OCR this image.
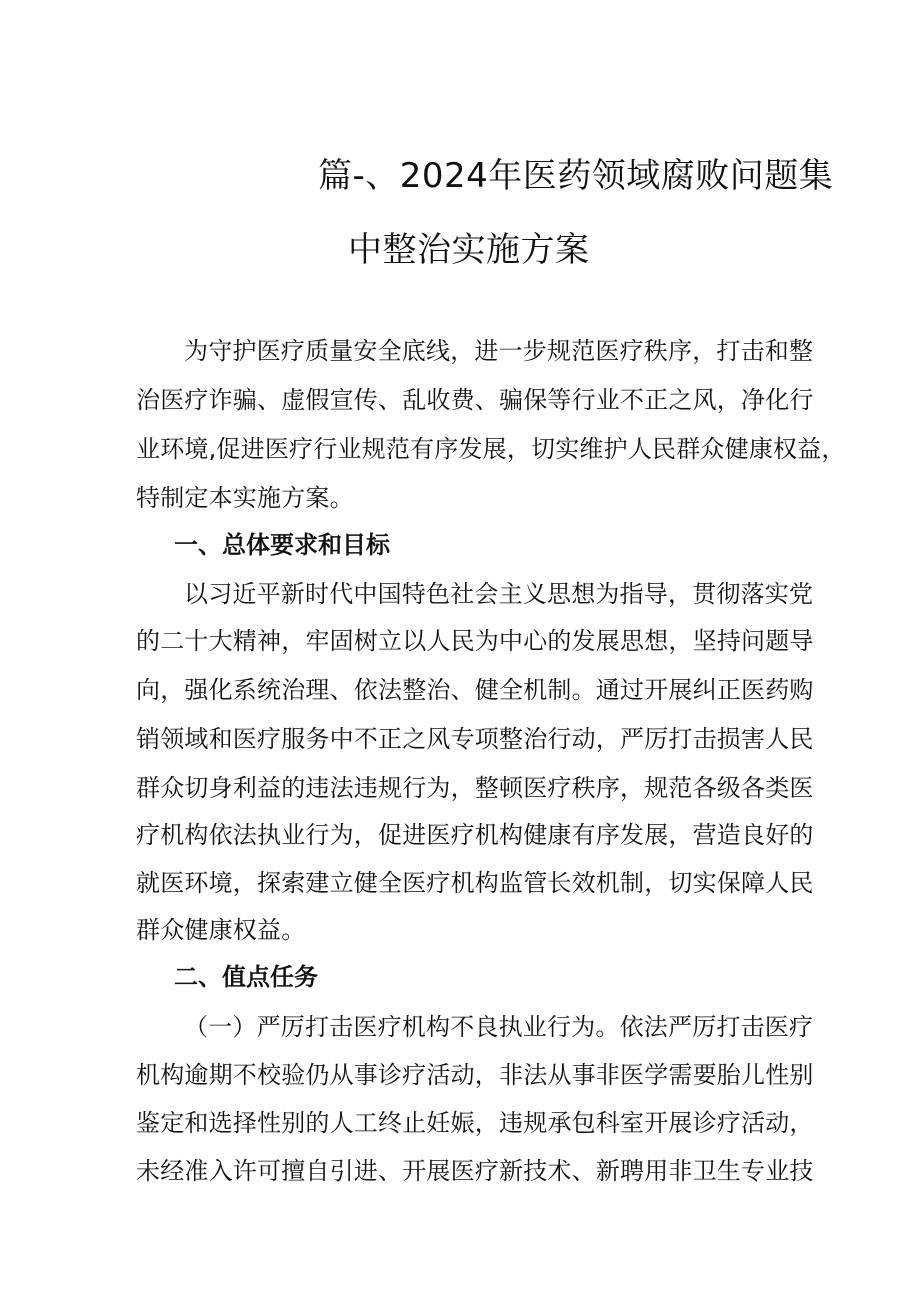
篇-、2024年医药领域腐败问题集
中整治实施方案
为守护医疗质量安全底线，进一步规范医疗秩序，打击和整
治医疗诈骗、虚假宣传、乱收费、骗保等行业不正之风，净化行
业环境,促进医疗行业规范有序发展，切实维护人民群众健康权益，
特制定本实施方案。
一、总体要求和目标
以习近平新时代中国特色社会主义思想为指导，贯彻落实党
的二十大精神，牢固树立以人民为中心的发展思想，坚持问题导
向，强化系统治理、依法整治、健全机制。通过开展纠正医药购
销领域和医疗服务中不正之风专项整治行动，严厉打击损害人民
群众切身利益的违法违规行为，整顿医疗秩序，规范各级各类医
疗机构依法执业行为，促进医疗机构健康有序发展，营造良好的
就医环境，探索建立健全医疗机构监管长效机制，切实保障人民
群众健康权益。
二、值点任务
（一）严厉打击医疗机构不良执业行为。依法严厉打击医疗
机构逾期不校验仍从事诊疗活动，非法从事非医学需要胎儿性别
鉴定和选择性别的人工终止妊娠，违规承包科室开展诊疗活动，
未经准入许可擅自引进、开展医疗新技术、新聘用非卫生专业技
